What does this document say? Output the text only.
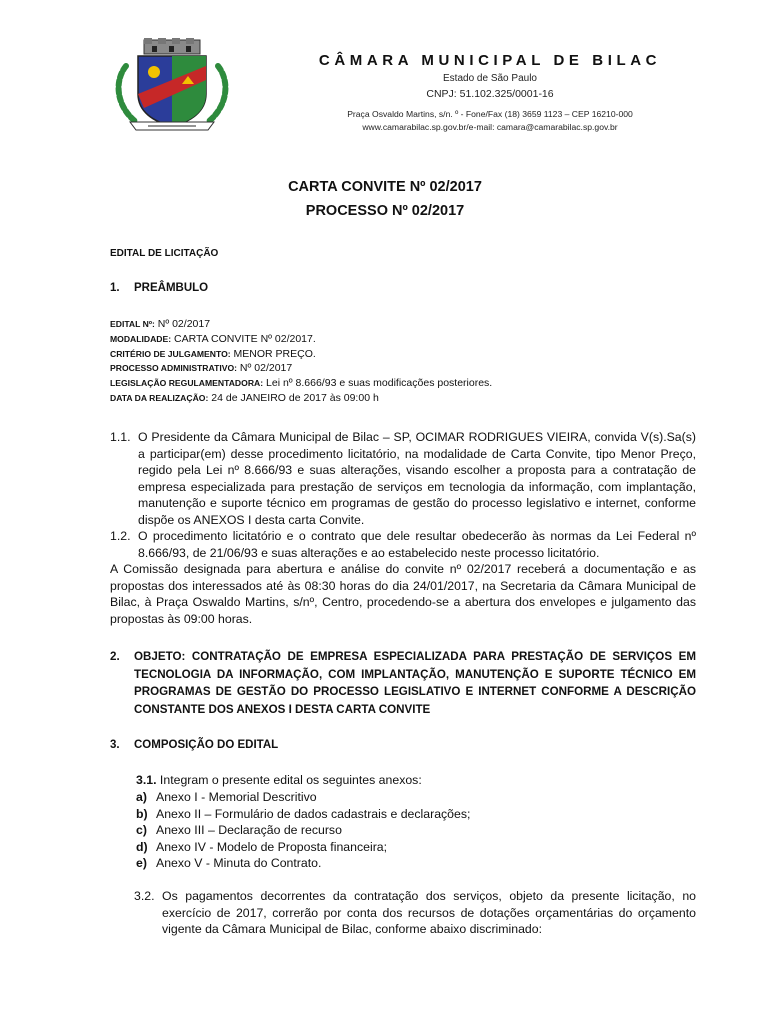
CÂMARA MUNICIPAL DE BILAC
Estado de São Paulo
CNPJ: 51.102.325/0001-16
Praça Osvaldo Martins, s/n. º - Fone/Fax (18) 3659 1123 – CEP 16210-000
www.camarabilac.sp.gov.br/e-mail: camara@camarabilac.sp.gov.br
CARTA CONVITE Nº 02/2017
PROCESSO Nº 02/2017
EDITAL DE LICITAÇÃO
1. PREÂMBULO
EDITAL Nº: Nº 02/2017
MODALIDADE: CARTA CONVITE Nº 02/2017.
CRITÉRIO DE JULGAMENTO: MENOR PREÇO.
PROCESSO ADMINISTRATIVO: Nº 02/2017
LEGISLAÇÃO REGULAMENTADORA: Lei nº 8.666/93 e suas modificações posteriores.
DATA DA REALIZAÇÃO: 24 de JANEIRO de 2017 às 09:00 h
1.1. O Presidente da Câmara Municipal de Bilac – SP, OCIMAR RODRIGUES VIEIRA, convida V(s).Sa(s) a participar(em) desse procedimento licitatório, na modalidade de Carta Convite, tipo Menor Preço, regido pela Lei nº 8.666/93 e suas alterações, visando escolher a proposta para a contratação de empresa especializada para prestação de serviços em tecnologia da informação, com implantação, manutenção e suporte técnico em programas de gestão do processo legislativo e internet, conforme dispõe os ANEXOS I desta carta Convite.
1.2. O procedimento licitatório e o contrato que dele resultar obedecerão às normas da Lei Federal nº 8.666/93, de 21/06/93 e suas alterações e ao estabelecido neste processo licitatório.
A Comissão designada para abertura e análise do convite nº 02/2017 receberá a documentação e as propostas dos interessados até às 08:30 horas do dia 24/01/2017, na Secretaria da Câmara Municipal de Bilac, à Praça Oswaldo Martins, s/nº, Centro, procedendo-se a abertura dos envelopes e julgamento das propostas às 09:00 horas.
2. OBJETO: CONTRATAÇÃO DE EMPRESA ESPECIALIZADA PARA PRESTAÇÃO DE SERVIÇOS EM TECNOLOGIA DA INFORMAÇÃO, COM IMPLANTAÇÃO, MANUTENÇÃO E SUPORTE TÉCNICO EM PROGRAMAS DE GESTÃO DO PROCESSO LEGISLATIVO E INTERNET CONFORME A DESCRIÇÃO CONSTANTE DOS ANEXOS I DESTA CARTA CONVITE
3. COMPOSIÇÃO DO EDITAL
3.1. Integram o presente edital os seguintes anexos:
a) Anexo I - Memorial Descritivo
b) Anexo II – Formulário de dados cadastrais e declarações;
c) Anexo III – Declaração de recurso
d) Anexo IV - Modelo de Proposta financeira;
e) Anexo V - Minuta do Contrato.
3.2. Os pagamentos decorrentes da contratação dos serviços, objeto da presente licitação, no exercício de 2017, correrão por conta dos recursos de dotações orçamentárias do orçamento vigente da Câmara Municipal de Bilac, conforme abaixo discriminado:
